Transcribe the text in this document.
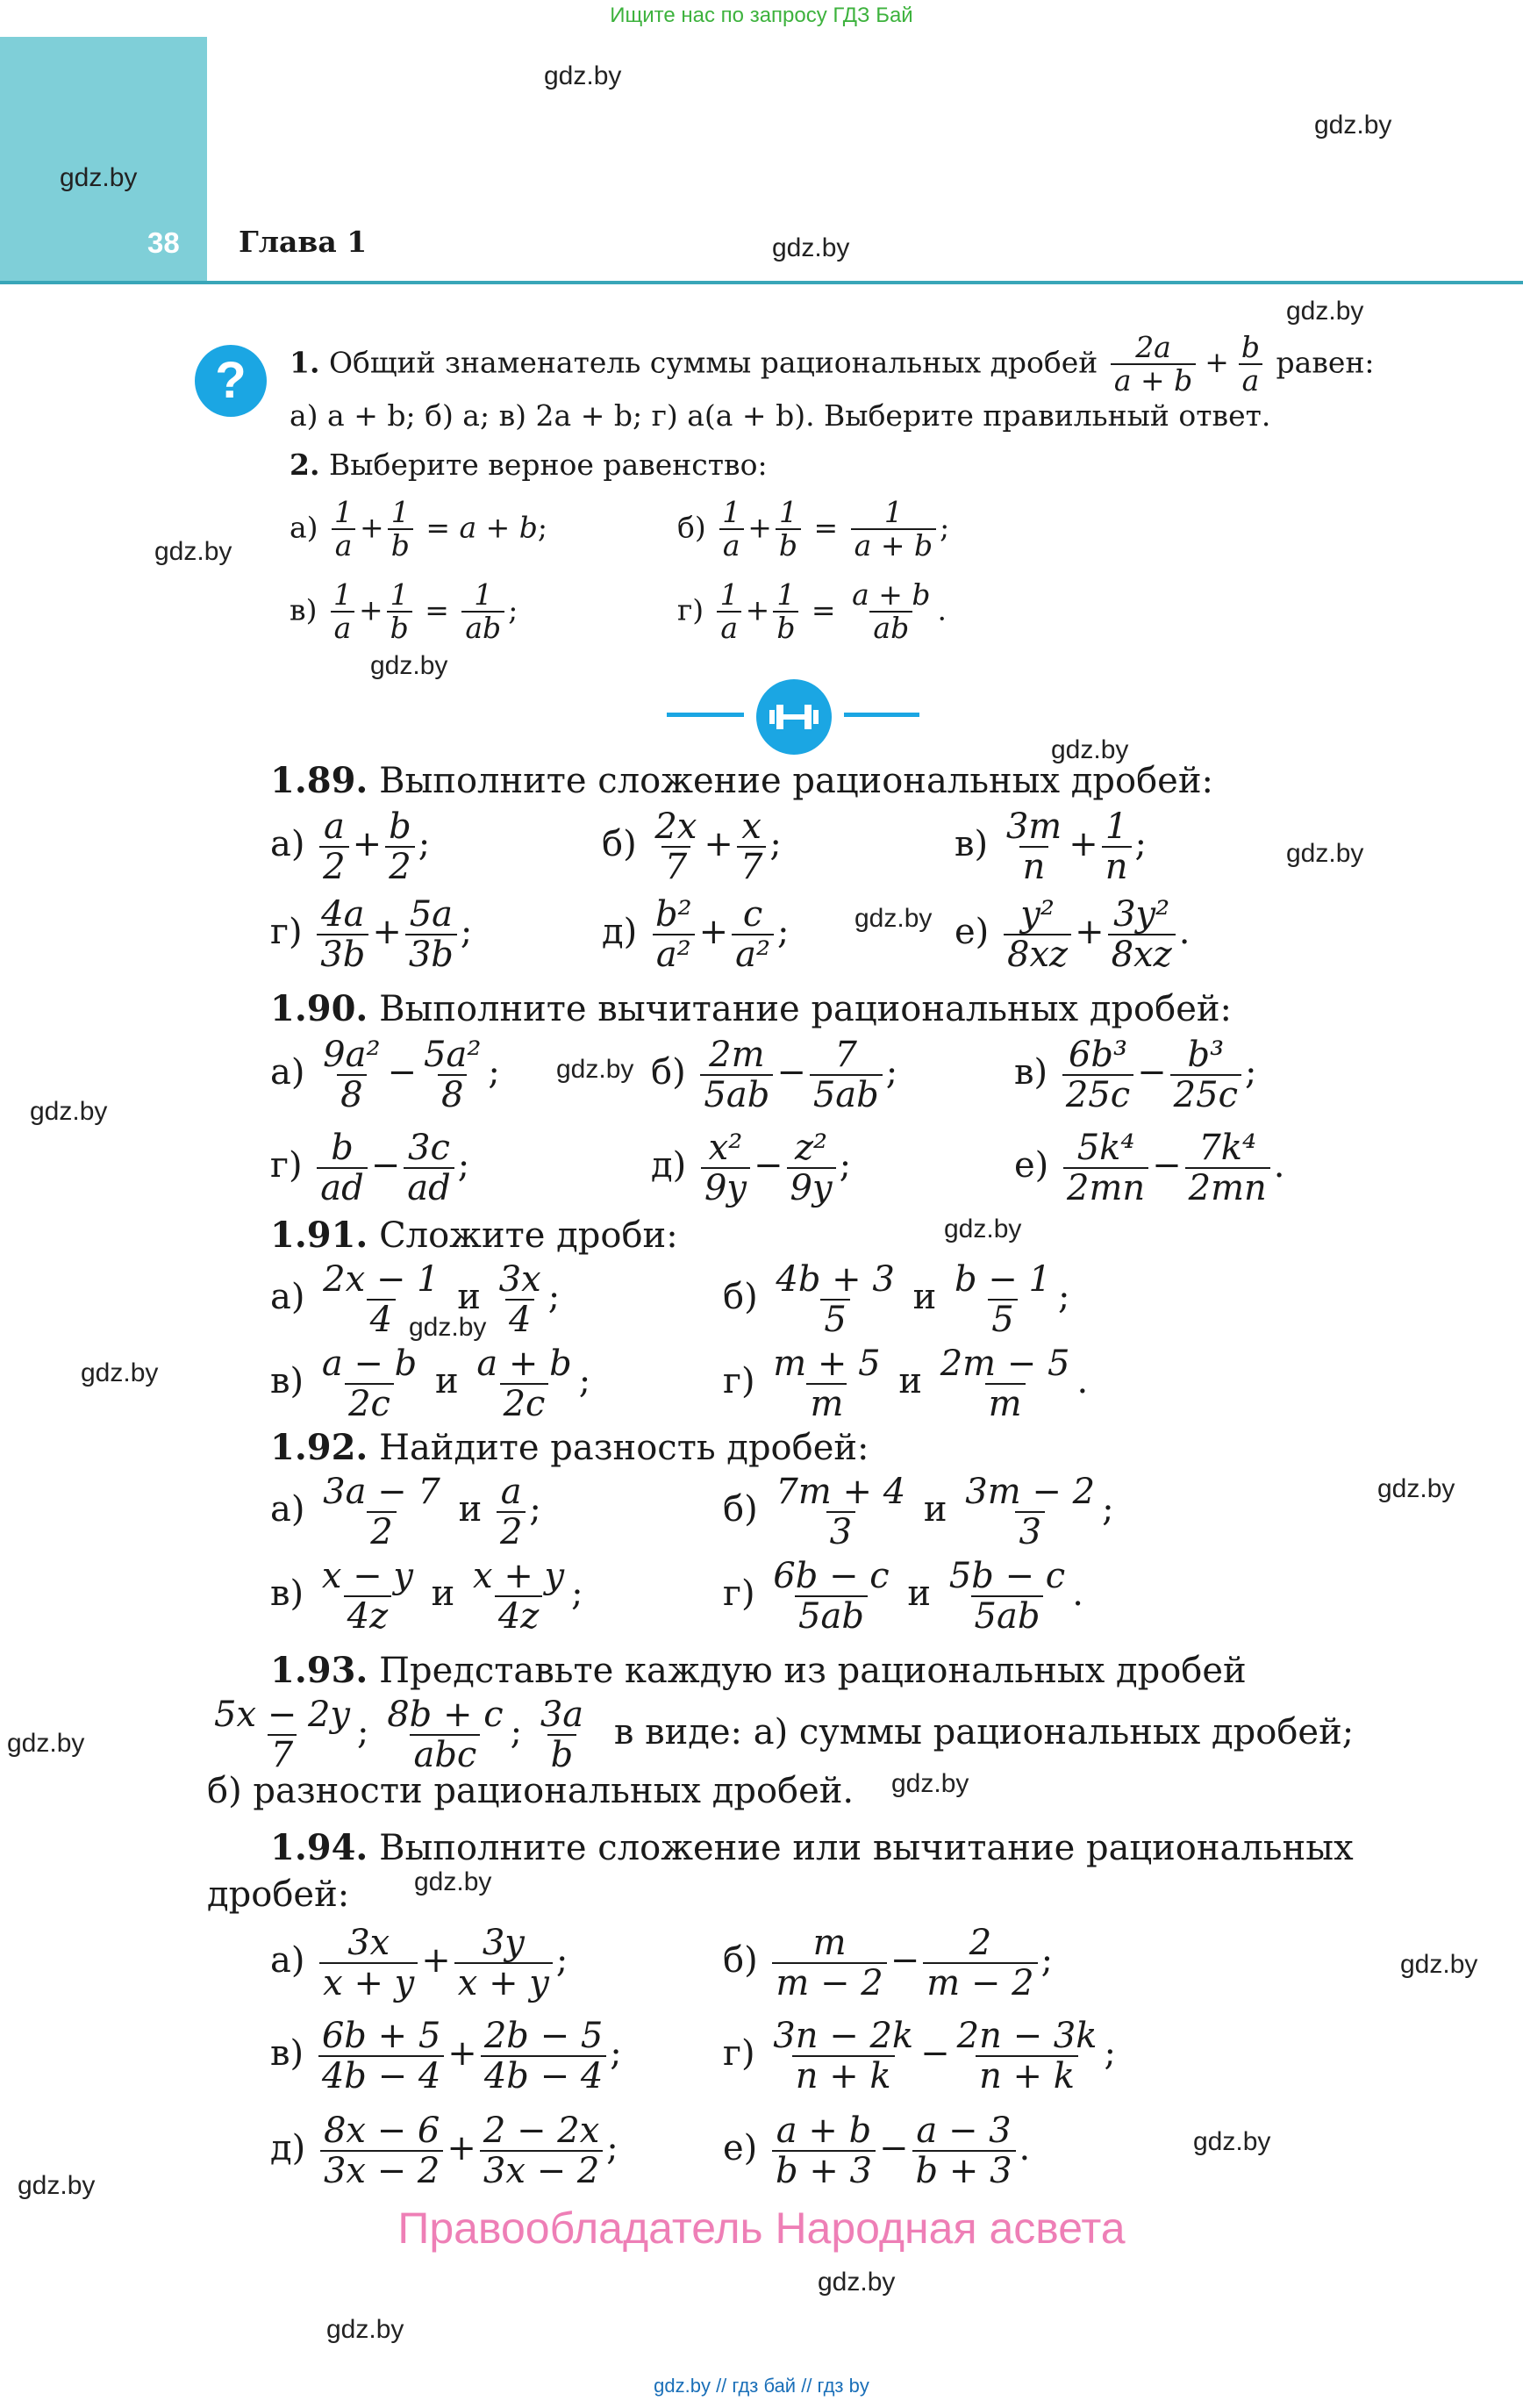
Ищите нас по запросу ГДЗ Бай
38 Глава 1
gdz.by
gdz.by
gdz.by
gdz.by
gdz.by
gdz.by
gdz.by
gdz.by
gdz.by
gdz.by
gdz.by
gdz.by
gdz.by
gdz.by
gdz.by
gdz.by
gdz.by
gdz.by
gdz.by
gdz.by
gdz.by
gdz.by
gdz.by
gdz.by
?	1. Общий знаменатель суммы рациональных дробей $\frac{2a}{a + b} + \frac{b}{a}$ равен:
а) a + b; б) a; в) 2a + b; г) a(a + b). Выберите правильный ответ.
2. Выберите верное равенство:
$а) \frac{1}{a} + \frac{1}{b} = a + b$;	$б) \frac{1}{a} + \frac{1}{b} = \frac{1}{a + b}$ ;
$в) \frac{1}{a} + \frac{1}{b} = \frac{1}{ab}$ ;	$г) \frac{1}{a} + \frac{1}{b} = \frac{a + b}{ab}$ .
1.89. Выполните сложение рациональных дробей:
$а) \frac{a}{2} + \frac{b}{2}$ ;	$б) \frac{2x}{7} + \frac{x}{7}$ ;	$в) \frac{3m}{n} + \frac{1}{n}$ ;
$г) \frac{4a}{3b} + \frac{5a}{3b}$ ;	$д) \frac{\text{b²}}{\text{a²}} + \frac{c}{\text{a²}}$ ;	$е) \frac{\text{y²}}{8xz} + \frac{\text{3y²}}{8xz}$ .
1.90. Выполните вычитание рациональных дробей:
$а) \frac{\text{9a²}}{8} - \frac{\text{5a²}}{8}$ ;	$б) \frac{2m}{5ab} - \frac{7}{5ab}$ ;	$в) \frac{\text{6b³}}{25c} - \frac{\text{b³}}{25c}$ ;
$г) \frac{b}{ad} - \frac{3c}{ad}$ ;	$д) \frac{\text{x²}}{9y} - \frac{\text{z²}}{9y}$ ;	$е) \frac{\text{5k⁴}}{2mn} - \frac{\text{7k⁴}}{2mn}$ .
1.91. Сложите дроби:
$а) \frac{2x - 1}{4}$ и $\frac{3x}{4}$ ;	$б) \frac{4b + 3}{5}$ и $\frac{b - 1}{5}$ ;
$в) \frac{a - b}{2c}$ и $\frac{a + b}{2c}$ ;	$г) \frac{m + 5}{m}$ и $\frac{2m - 5}{m}$ .
1.92. Найдите разность дробей:
$а) \frac{3a - 7}{2}$ и $\frac{a}{2}$ ;	$б) \frac{7m + 4}{3}$ и $\frac{3m - 2}{3}$ ;
$в) \frac{x - y}{4z}$ и $\frac{x + y}{4z}$ ;	$г) \frac{6b - c}{5ab}$ и $\frac{5b - c}{5ab}$ .
1.93. Представьте каждую из рациональных дробей
$\frac{5x - 2y}{7}$ ; $\frac{8b + c}{\text{abc}}$ ; $\frac{3a}{b}$ в виде: а) суммы рациональных дробей;
б) разности рациональных дробей.
1.94. Выполните сложение или вычитание рациональных
дробей:
$а) \frac{3x}{x + y} + \frac{3y}{x + y}$ ;	$б) \frac{m}{m - 2} - \frac{2}{m - 2}$ ;
$в) \frac{6b + 5}{4b - 4} + \frac{2b - 5}{4b - 4}$ ;	$г) \frac{3n - 2k}{n + k} - \frac{2n - 3k}{n + k}$ ;
$д) \frac{8x - 6}{3x - 2} + \frac{2 - 2x}{3x - 2}$ ;	$е) \frac{a + b}{b + 3} - \frac{a - 3}{b + 3}$ .
Правообладатель Народная асвета
gdz.by // гдз бай // гдз by
